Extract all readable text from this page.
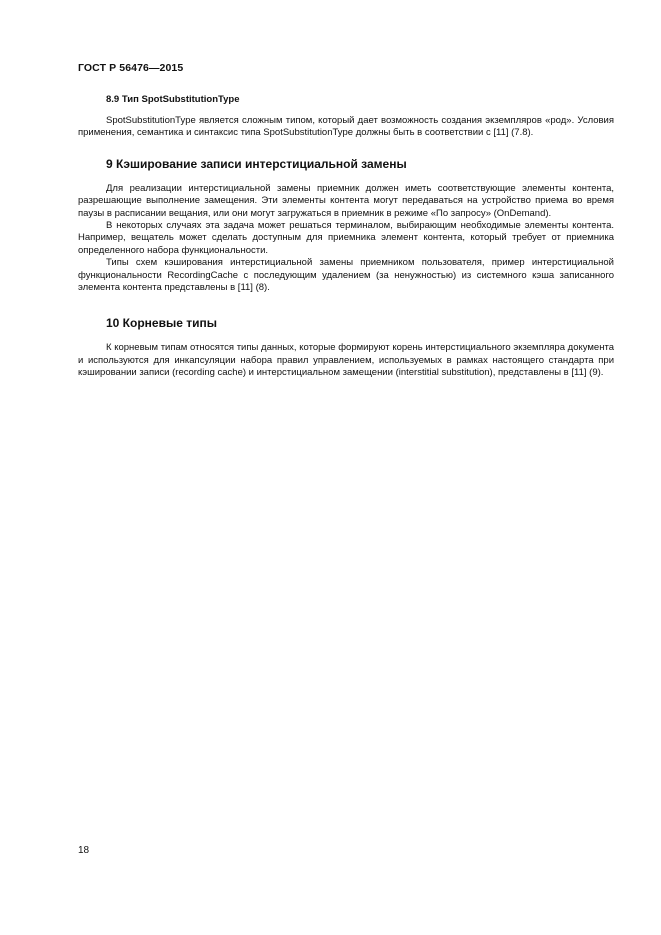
ГОСТ Р 56476—2015
8.9 Тип SpotSubstitutionType

SpotSubstitutionType является сложным типом, который дает возможность создания экземпляров «род». Условия применения, семантика и синтаксис типа SpotSubstitutionType должны быть в соответствии с [11] (7.8).

9 Кэширование записи интерстициальной замены

Для реализации интерстициальной замены приемник должен иметь соответствующие элементы контента, разрешающие выполнение замещения. Эти элементы контента могут передаваться на устройство приема во время паузы в расписании вещания, или они могут загружаться в приемник в режиме «По запросу» (OnDemand).

В некоторых случаях эта задача может решаться терминалом, выбирающим необходимые элементы контента. Например, вещатель может сделать доступным для приемника элемент контента, который требует от приемника определенного набора функциональности.

Типы схем кэширования интерстициальной замены приемником пользователя, пример интерстициальной функциональности RecordingCache с последующим удалением (за ненужностью) из системного кэша записанного элемента контента представлены в [11] (8).

10 Корневые типы

К корневым типам относятся типы данных, которые формируют корень интерстициального экземпляра документа и используются для инкапсуляции набора правил управлением, используемых в рамках настоящего стандарта при кэшировании записи (recording cache) и интерстициальном замещении (interstitial substitution), представлены в [11] (9).

18
